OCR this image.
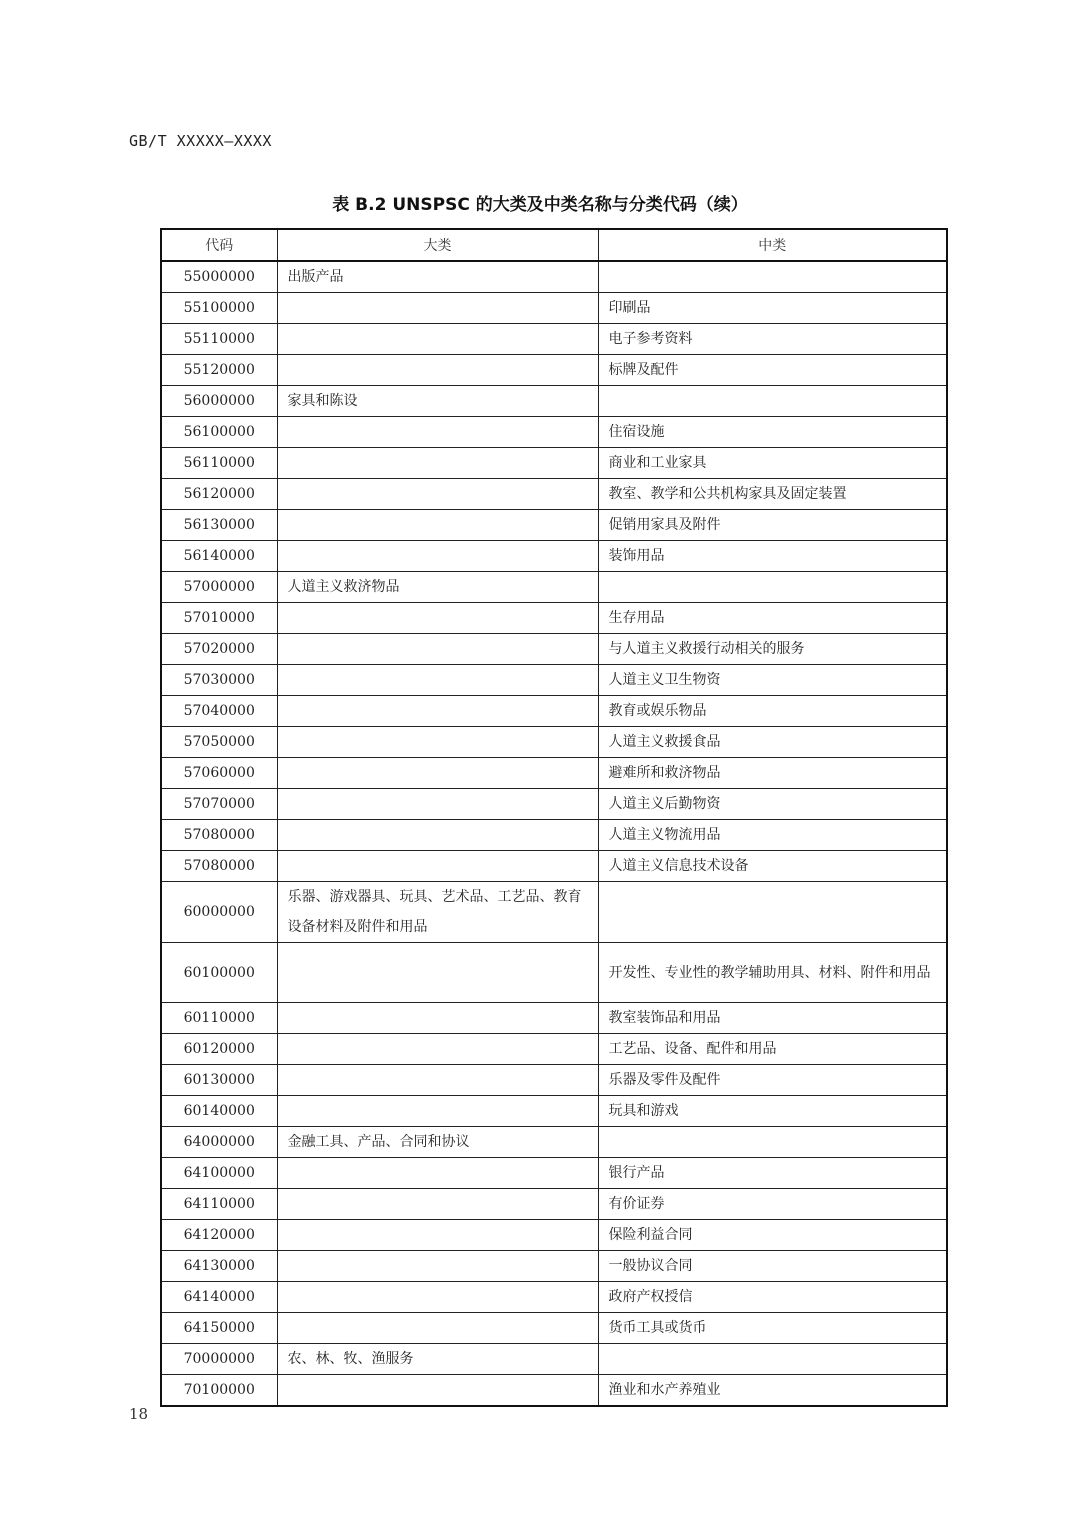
GB/T XXXXX—XXXX
表 B.2 UNSPSC 的大类及中类名称与分类代码（续）
代码	大类	中类
55000000	出版产品	
55100000		印刷品
55110000		电子参考资料
55120000		标牌及配件
56000000	家具和陈设	
56100000		住宿设施
56110000		商业和工业家具
56120000		教室、教学和公共机构家具及固定装置
56130000		促销用家具及附件
56140000		装饰用品
57000000	人道主义救济物品	
57010000		生存用品
57020000		与人道主义救援行动相关的服务
57030000		人道主义卫生物资
57040000		教育或娱乐物品
57050000		人道主义救援食品
57060000		避难所和救济物品
57070000		人道主义后勤物资
57080000		人道主义物流用品
57080000		人道主义信息技术设备
60000000	乐器、游戏器具、玩具、艺术品、工艺品、教育设备材料及附件和用品	
60100000		开发性、专业性的教学辅助用具、材料、附件和用品
60110000		教室装饰品和用品
60120000		工艺品、设备、配件和用品
60130000		乐器及零件及配件
60140000		玩具和游戏
64000000	金融工具、产品、合同和协议	
64100000		银行产品
64110000		有价证券
64120000		保险利益合同
64130000		一般协议合同
64140000		政府产权授信
64150000		货币工具或货币
70000000	农、林、牧、渔服务	
70100000		渔业和水产养殖业
18
